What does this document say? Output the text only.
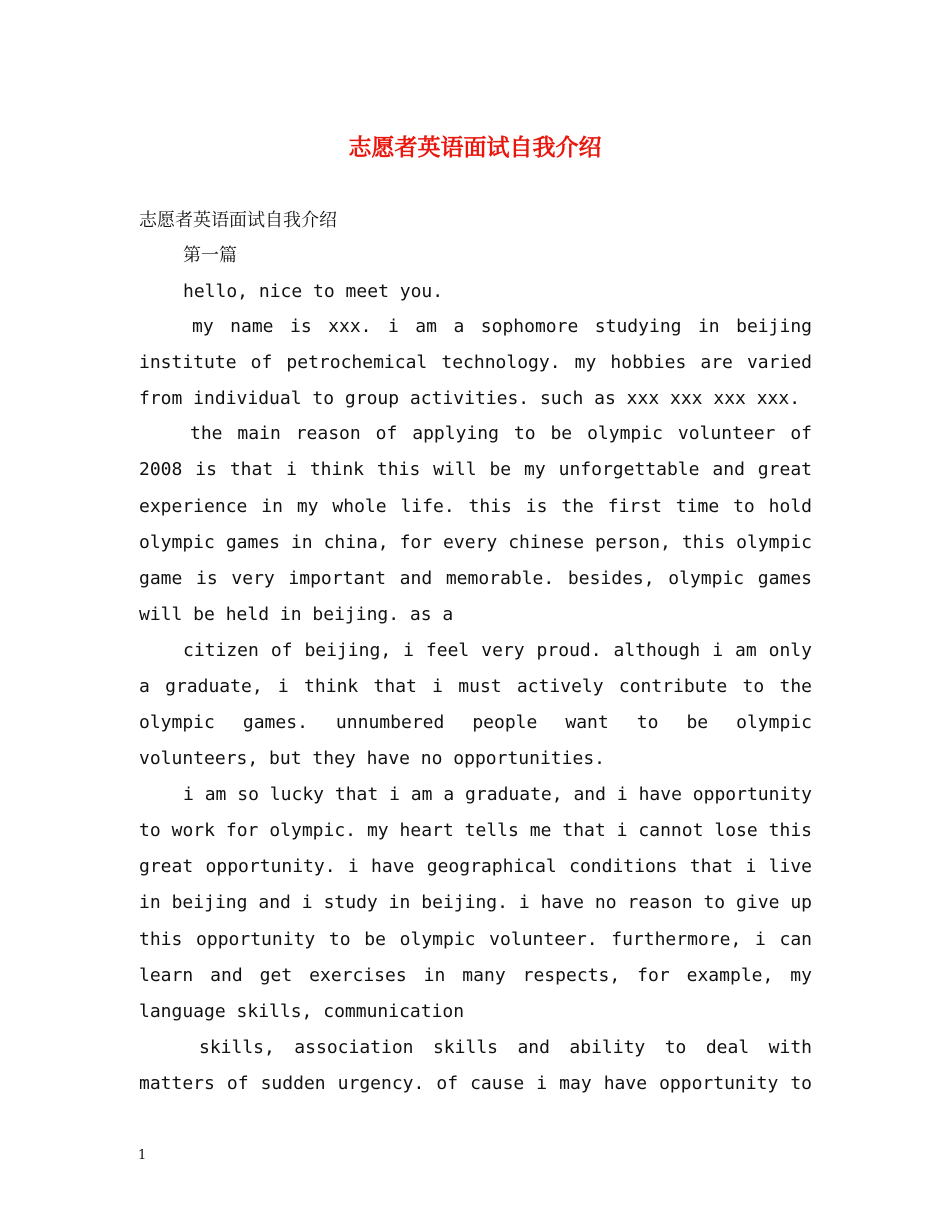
志愿者英语面试自我介绍
志愿者英语面试自我介绍
第一篇
hello, nice to meet you.
my name is xxx. i am a sophomore studying in beijing
institute of petrochemical technology. my hobbies are varied
from individual to group activities. such as xxx xxx xxx xxx.
the main reason of applying to be olympic volunteer of
2008 is that i think this will be my unforgettable and great
experience in my whole life. this is the first time to hold
olympic games in china, for every chinese person, this olympic
game is very important and memorable. besides, olympic games
will be held in beijing. as a
citizen of beijing, i feel very proud. although i am only
a graduate, i think that i must actively contribute to the
olympic games. unnumbered people want to be olympic
volunteers, but they have no opportunities.
i am so lucky that i am a graduate, and i have opportunity
to work for olympic. my heart tells me that i cannot lose this
great opportunity. i have geographical conditions that i live
in beijing and i study in beijing. i have no reason to give up
this opportunity to be olympic volunteer. furthermore, i can
learn and get exercises in many respects, for example, my
language skills, communication
skills, association skills and ability to deal with
matters of sudden urgency. of cause i may have opportunity to
1
